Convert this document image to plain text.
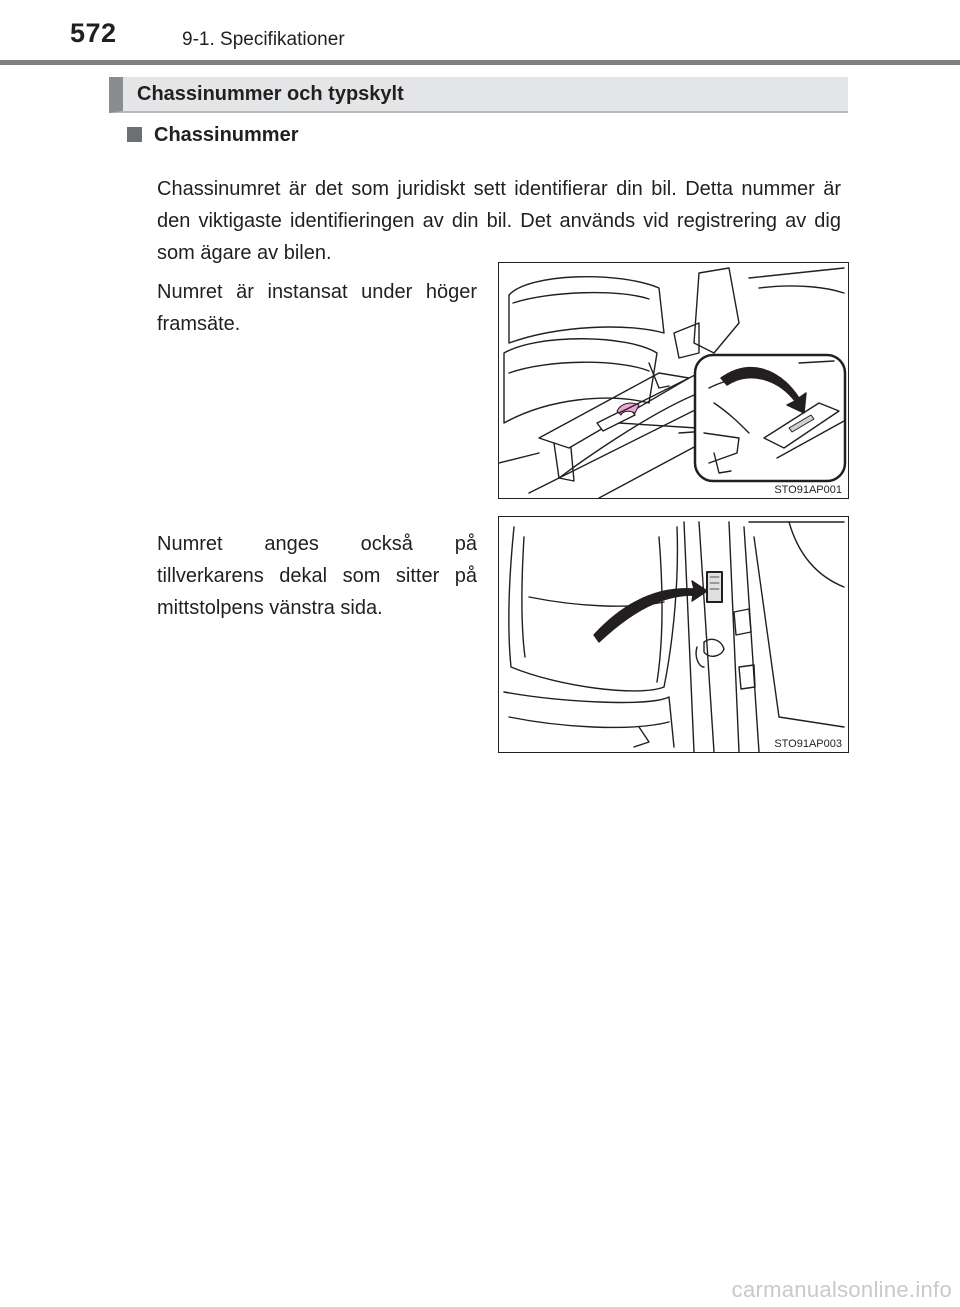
572	9-1. Specifikationer
Chassinummer och typskylt
Chassinummer

Chassinumret är det som juridiskt sett identifierar din bil. Detta nummer är den viktigaste identifieringen av din bil. Det används vid registrering av dig som ägare av bilen.

Numret är instansat under höger framsäte.

Numret anges också på tillverkarens dekal som sitter på mittstolpens vänstra sida.

STO91AP001
STO91AP003
carmanualsonline.info
